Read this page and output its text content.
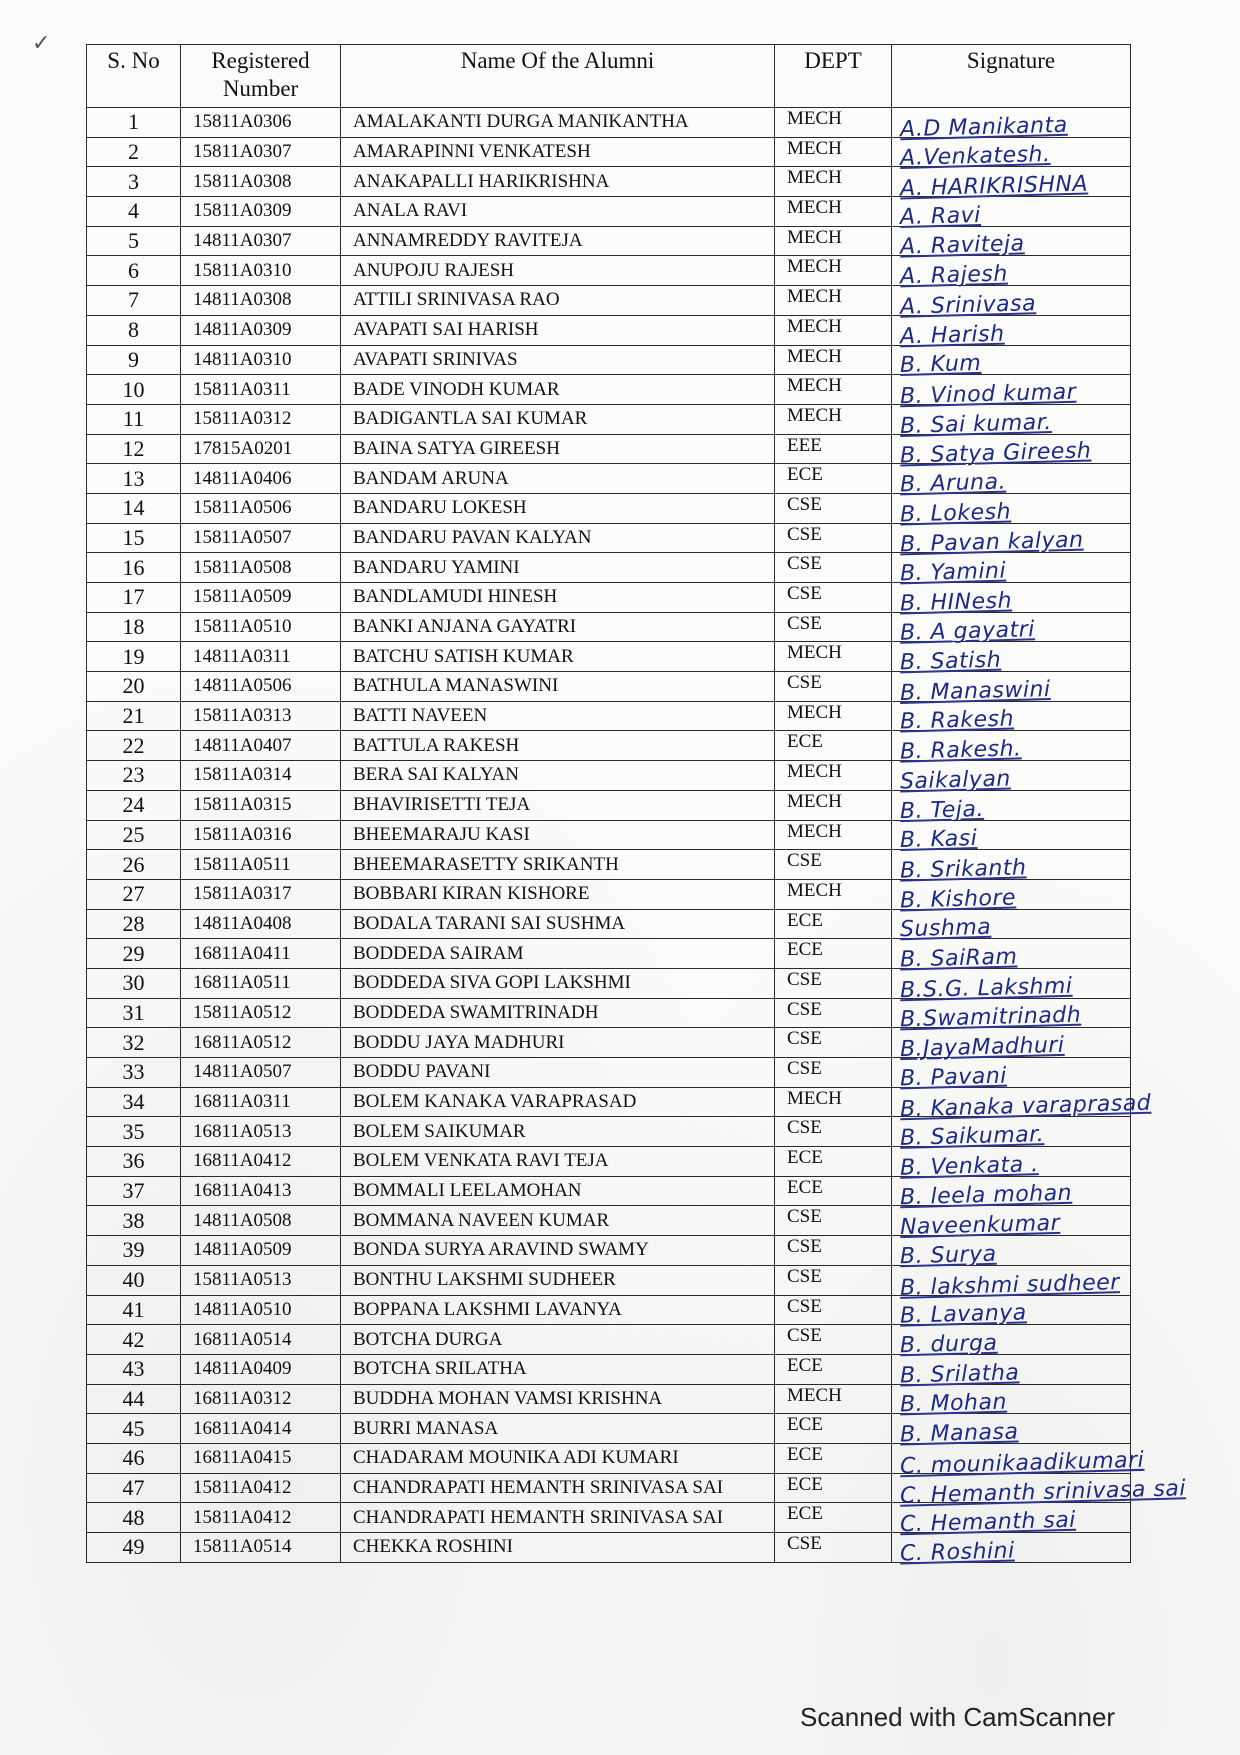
✓
S. No	Registered Number	Name Of the Alumni	DEPT	Signature
1	15811A0306	AMALAKANTI DURGA MANIKANTHA	MECH	A.D Manikanta

2	15811A0307	AMARAPINNI VENKATESH	MECH	A.Venkatesh.

3	15811A0308	ANAKAPALLI HARIKRISHNA	MECH	A. HARIKRISHNA

4	15811A0309	ANALA RAVI	MECH	A. Ravi

5	14811A0307	ANNAMREDDY RAVITEJA	MECH	A. Raviteja

6	15811A0310	ANUPOJU RAJESH	MECH	A. Rajesh

7	14811A0308	ATTILI SRINIVASA RAO	MECH	A. Srinivasa

8	14811A0309	AVAPATI SAI HARISH	MECH	A. Harish

9	14811A0310	AVAPATI SRINIVAS	MECH	B. Kum

10	15811A0311	BADE VINODH KUMAR	MECH	B. Vinod kumar

11	15811A0312	BADIGANTLA SAI KUMAR	MECH	B. Sai kumar.

12	17815A0201	BAINA SATYA GIREESH	EEE	B. Satya Gireesh

13	14811A0406	BANDAM ARUNA	ECE	B. Aruna.

14	15811A0506	BANDARU LOKESH	CSE	B. Lokesh

15	15811A0507	BANDARU PAVAN KALYAN	CSE	B. Pavan kalyan

16	15811A0508	BANDARU YAMINI	CSE	B. Yamini

17	15811A0509	BANDLAMUDI HINESH	CSE	B. HINesh

18	15811A0510	BANKI ANJANA GAYATRI	CSE	B. A gayatri

19	14811A0311	BATCHU SATISH KUMAR	MECH	B. Satish

20	14811A0506	BATHULA MANASWINI	CSE	B. Manaswini

21	15811A0313	BATTI NAVEEN	MECH	B. Rakesh

22	14811A0407	BATTULA RAKESH	ECE	B. Rakesh.

23	15811A0314	BERA SAI KALYAN	MECH	Saikalyan

24	15811A0315	BHAVIRISETTI TEJA	MECH	B. Teja.

25	15811A0316	BHEEMARAJU KASI	MECH	B. Kasi

26	15811A0511	BHEEMARASETTY SRIKANTH	CSE	B. Srikanth

27	15811A0317	BOBBARI KIRAN KISHORE	MECH	B. Kishore

28	14811A0408	BODALA TARANI SAI SUSHMA	ECE	Sushma

29	16811A0411	BODDEDA SAIRAM	ECE	B. SaiRam

30	16811A0511	BODDEDA SIVA GOPI LAKSHMI	CSE	B.S.G. Lakshmi

31	15811A0512	BODDEDA SWAMITRINADH	CSE	B.Swamitrinadh

32	16811A0512	BODDU JAYA MADHURI	CSE	B.JayaMadhuri

33	14811A0507	BODDU PAVANI	CSE	B. Pavani

34	16811A0311	BOLEM KANAKA VARAPRASAD	MECH	B. Kanaka varaprasad

35	16811A0513	BOLEM SAIKUMAR	CSE	B. Saikumar.

36	16811A0412	BOLEM VENKATA RAVI TEJA	ECE	B. Venkata .

37	16811A0413	BOMMALI LEELAMOHAN	ECE	B. leela mohan

38	14811A0508	BOMMANA NAVEEN KUMAR	CSE	Naveenkumar

39	14811A0509	BONDA SURYA ARAVIND SWAMY	CSE	B. Surya

40	15811A0513	BONTHU LAKSHMI SUDHEER	CSE	B. lakshmi sudheer

41	14811A0510	BOPPANA LAKSHMI LAVANYA	CSE	B. Lavanya

42	16811A0514	BOTCHA DURGA	CSE	B. durga

43	14811A0409	BOTCHA SRILATHA	ECE	B. Srilatha

44	16811A0312	BUDDHA MOHAN VAMSI KRISHNA	MECH	B. Mohan

45	16811A0414	BURRI MANASA	ECE	B. Manasa

46	16811A0415	CHADARAM MOUNIKA ADI KUMARI	ECE	C. mounikaadikumari

47	15811A0412	CHANDRAPATI HEMANTH SRINIVASA SAI	ECE	C. Hemanth srinivasa sai

48	15811A0412	CHANDRAPATI HEMANTH SRINIVASA SAI	ECE	C. Hemanth sai

49	15811A0514	CHEKKA ROSHINI	CSE	C. Roshini
Scanned with CamScanner
